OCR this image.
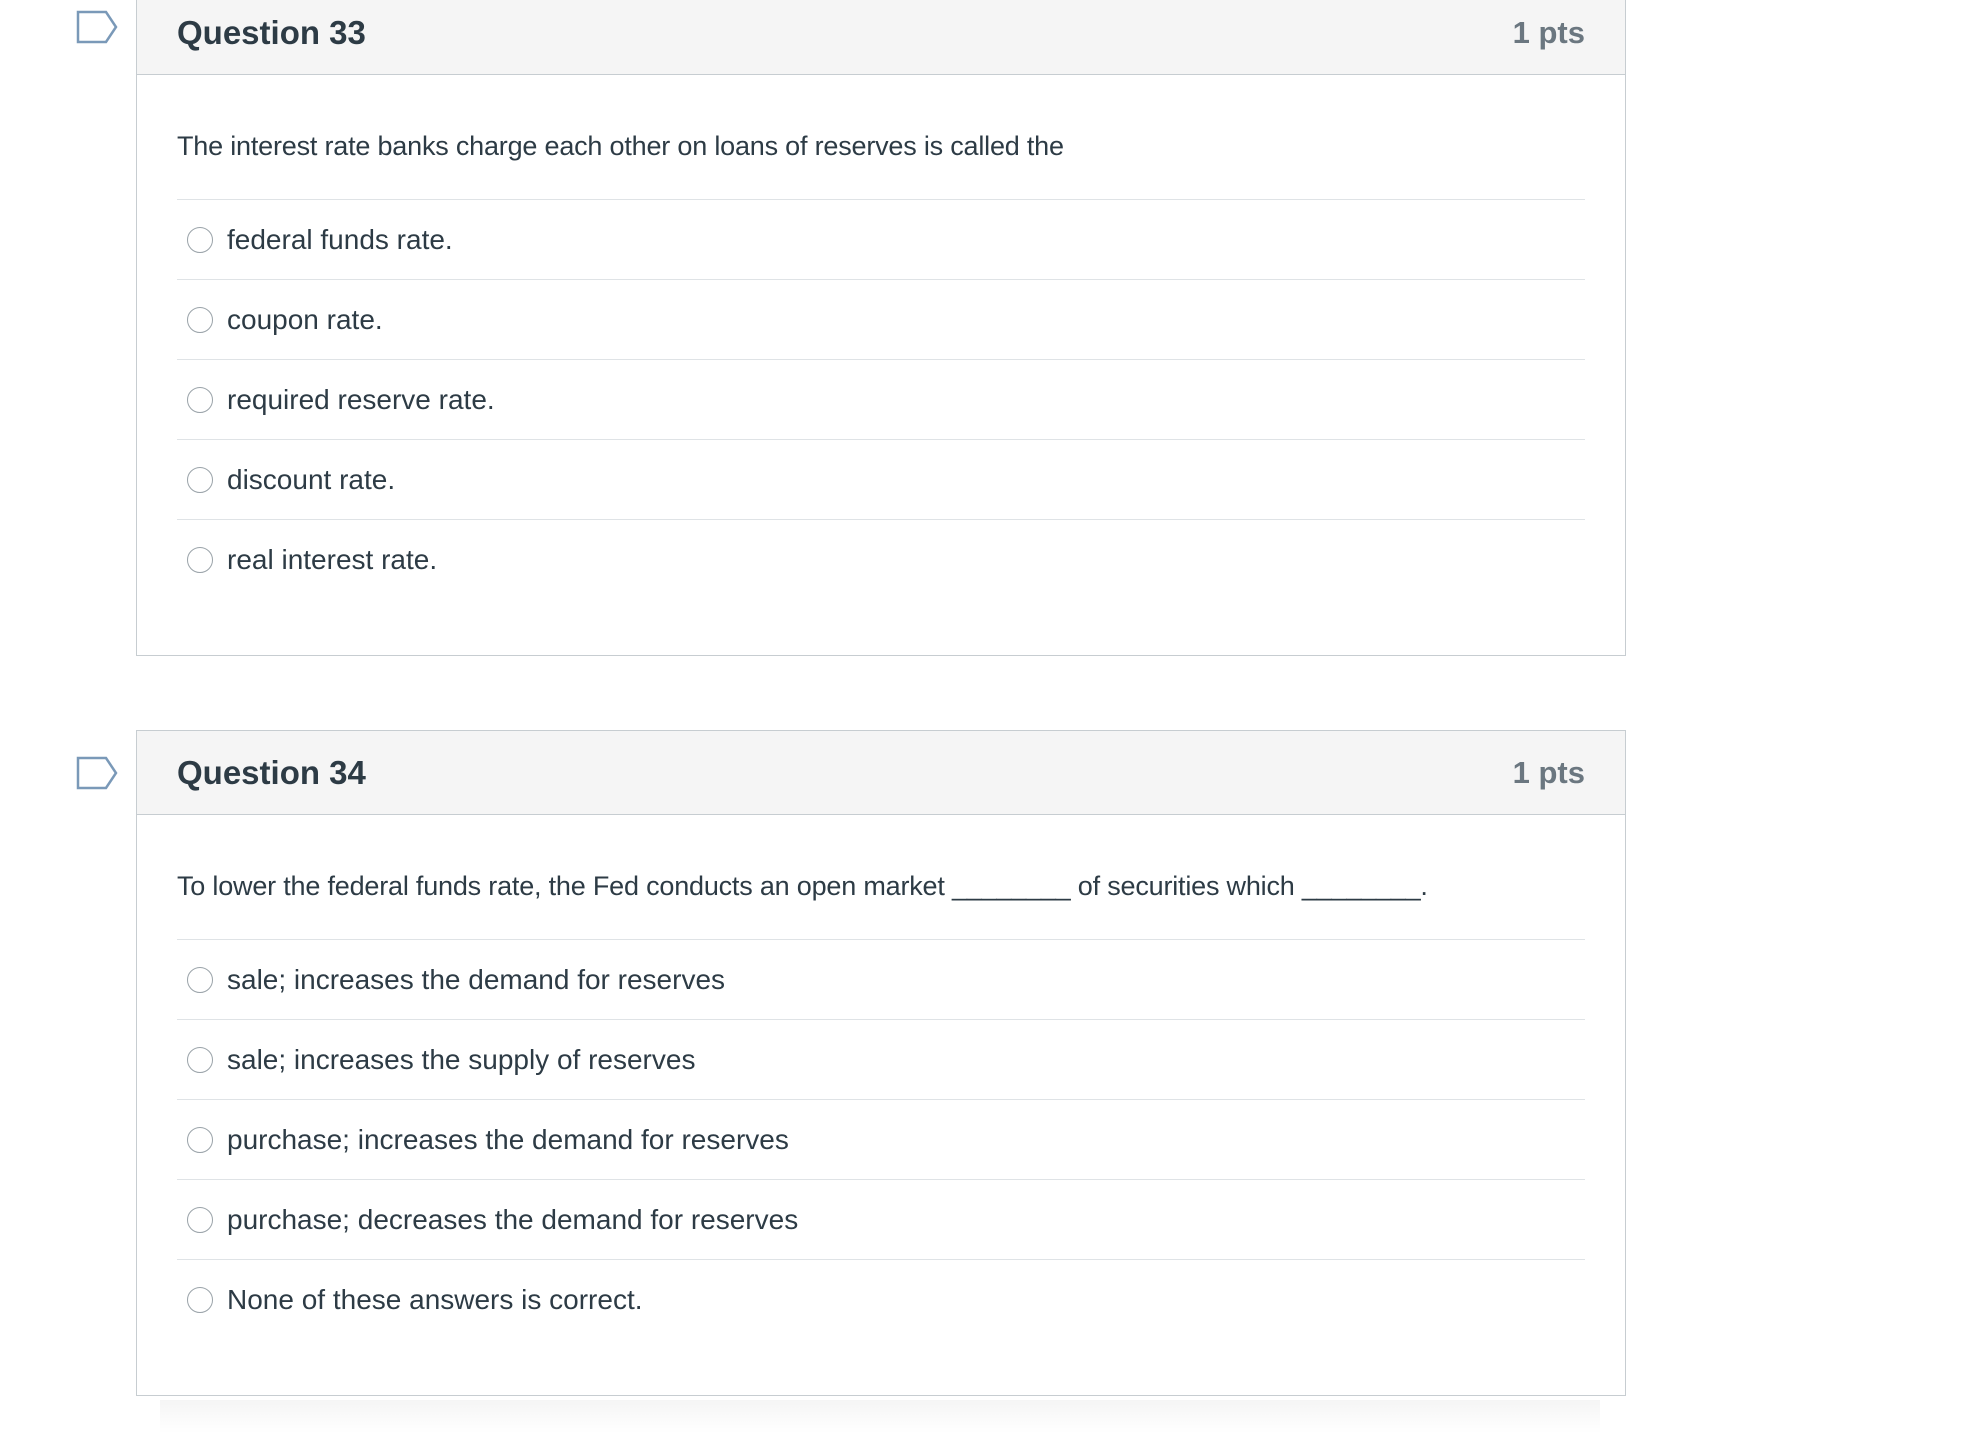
Question 33	1 pts
The interest rate banks charge each other on loans of reserves is called the
federal funds rate.
coupon rate.
required reserve rate.
discount rate.
real interest rate.
Question 34	1 pts
To lower the federal funds rate, the Fed conducts an open market ________ of securities which ________.
sale; increases the demand for reserves
sale; increases the supply of reserves
purchase; increases the demand for reserves
purchase; decreases the demand for reserves
None of these answers is correct.
